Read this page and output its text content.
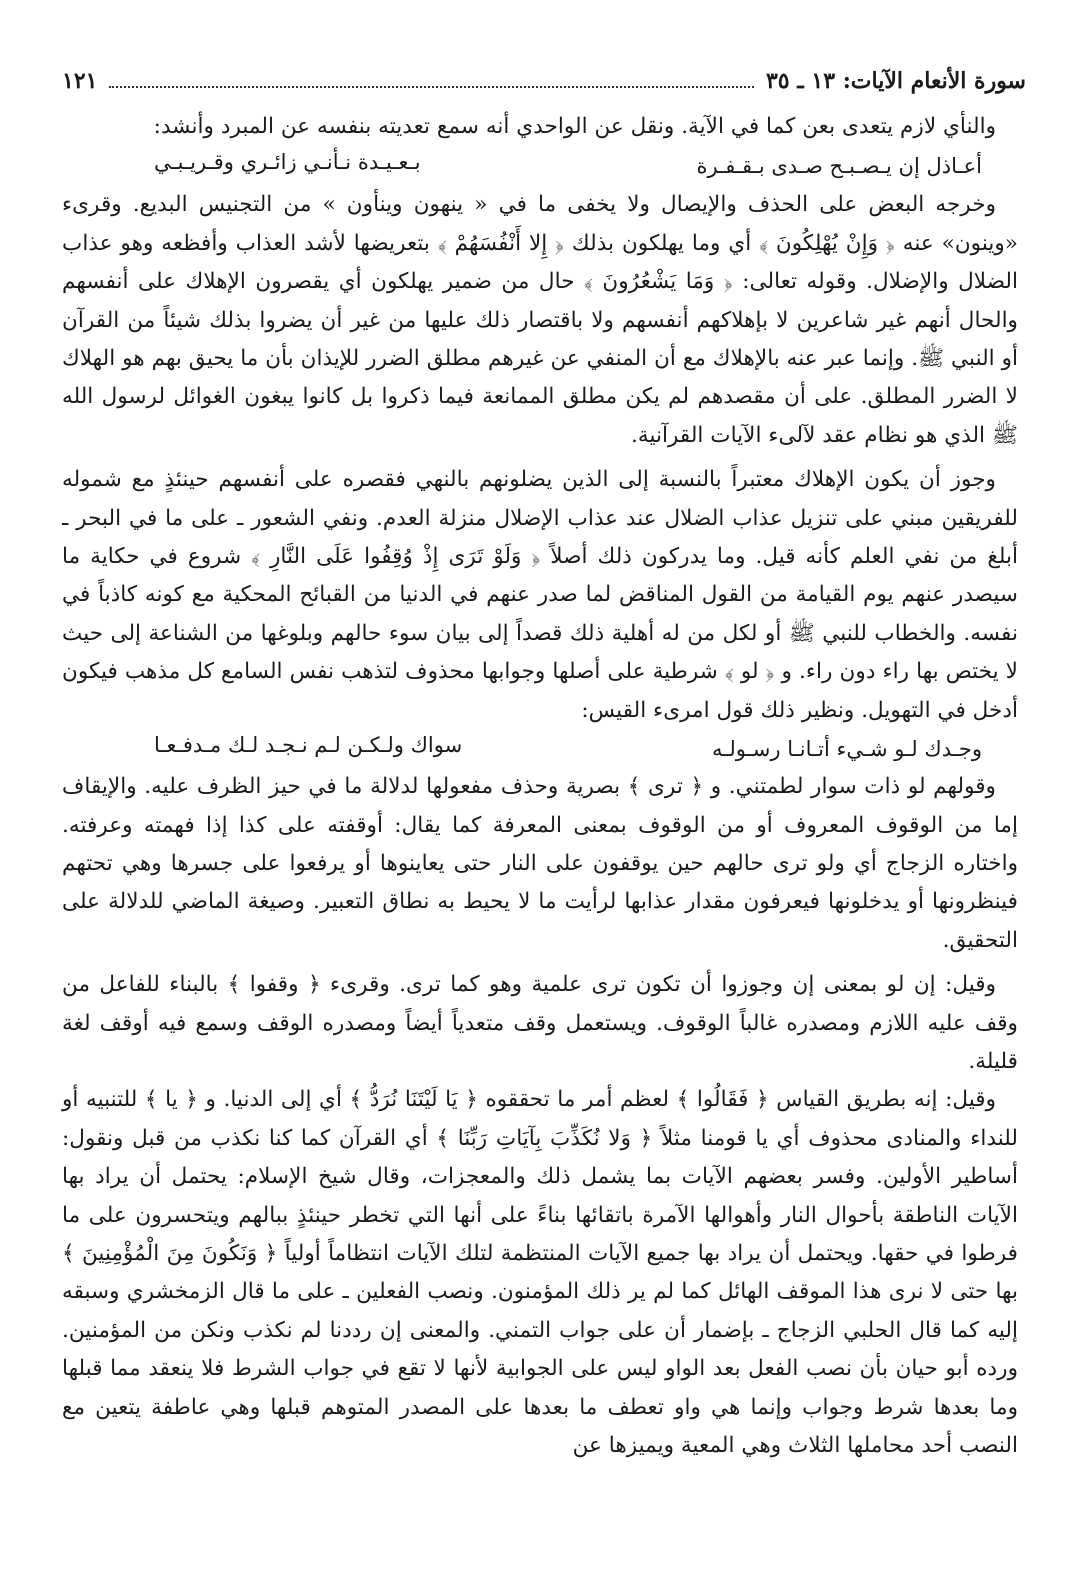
سورة الأنعام الآيات: ١٣ ـ ٣٥
١٢١

والنأي لازم يتعدى بعن كما في الآية. ونقل عن الواحدي أنه سمع تعديته بنفسه عن المبرد وأنشد:

أعـاذل إن يـصـبـح صـدى بـقـفـرة
بـعـيـدة نـأنـي زائـري وقـريـبـي

وخرجه البعض على الحذف والإيصال ولا يخفى ما في « ينهون وينأون » من التجنيس البديع. وقرىء «وينون» عنه ﴿ وَإِنْ يُهْلِكُونَ ﴾ أي وما يهلكون بذلك ﴿ إِلا أَنْفُسَهُمْ ﴾ بتعريضها لأشد العذاب وأفظعه وهو عذاب الضلال والإضلال. وقوله تعالى: ﴿ وَمَا يَشْعُرُونَ ﴾ حال من ضمير يهلكون أي يقصرون الإهلاك على أنفسهم والحال أنهم غير شاعرين لا بإهلاكهم أنفسهم ولا باقتصار ذلك عليها من غير أن يضروا بذلك شيئاً من القرآن أو النبي ﷺ. وإنما عبر عنه بالإهلاك مع أن المنفي عن غيرهم مطلق الضرر للإيذان بأن ما يحيق بهم هو الهلاك لا الضرر المطلق. على أن مقصدهم لم يكن مطلق الممانعة فيما ذكروا بل كانوا يبغون الغوائل لرسول الله ﷺ الذي هو نظام عقد لآلىء الآيات القرآنية.

وجوز أن يكون الإهلاك معتبراً بالنسبة إلى الذين يضلونهم بالنهي فقصره على أنفسهم حينئذٍ مع شموله للفريقين مبني على تنزيل عذاب الضلال عند عذاب الإضلال منزلة العدم. ونفي الشعور ـ على ما في البحر ـ أبلغ من نفي العلم كأنه قيل. وما يدركون ذلك أصلاً ﴿ وَلَوْ تَرَى إِذْ وُقِفُوا عَلَى النَّارِ ﴾ شروع في حكاية ما سيصدر عنهم يوم القيامة من القول المناقض لما صدر عنهم في الدنيا من القبائح المحكية مع كونه كاذباً في نفسه. والخطاب للنبي ﷺ أو لكل من له أهلية ذلك قصداً إلى بيان سوء حالهم وبلوغها من الشناعة إلى حيث لا يختص بها راء دون راء. و ﴿ لو ﴾ شرطية على أصلها وجوابها محذوف لتذهب نفس السامع كل مذهب فيكون أدخل في التهويل. ونظير ذلك قول امرىء القيس:

وجـدك لـو شـيء أتـانـا رسـولـه
سواك ولـكـن لـم نـجـد لـك مـدفـعـا

وقولهم لو ذات سوار لطمتني. و ﴿ ترى ﴾ بصرية وحذف مفعولها لدلالة ما في حيز الظرف عليه. والإيقاف إما من الوقوف المعروف أو من الوقوف بمعنى المعرفة كما يقال: أوقفته على كذا إذا فهمته وعرفته. واختاره الزجاج أي ولو ترى حالهم حين يوقفون على النار حتى يعاينوها أو يرفعوا على جسرها وهي تحتهم فينظرونها أو يدخلونها فيعرفون مقدار عذابها لرأيت ما لا يحيط به نطاق التعبير. وصيغة الماضي للدلالة على التحقيق.

وقيل: إن لو بمعنى إن وجوزوا أن تكون ترى علمية وهو كما ترى. وقرىء ﴿ وقفوا ﴾ بالبناء للفاعل من وقف عليه اللازم ومصدره غالباً الوقوف. ويستعمل وقف متعدياً أيضاً ومصدره الوقف وسمع فيه أوقف لغة قليلة.

وقيل: إنه بطريق القياس ﴿ فَقَالُوا ﴾ لعظم أمر ما تحققوه ﴿ يَا لَيْتَنَا نُرَدُّ ﴾ أي إلى الدنيا. و ﴿ يا ﴾ للتنبيه أو للنداء والمنادى محذوف أي يا قومنا مثلاً ﴿ وَلا نُكَذِّبَ بِآيَاتِ رَبِّنَا ﴾ أي القرآن كما كنا نكذب من قبل ونقول: أساطير الأولين. وفسر بعضهم الآيات بما يشمل ذلك والمعجزات، وقال شيخ الإسلام: يحتمل أن يراد بها الآيات الناطقة بأحوال النار وأهوالها الآمرة باتقائها بناءً على أنها التي تخطر حينئذٍ ببالهم ويتحسرون على ما فرطوا في حقها. ويحتمل أن يراد بها جميع الآيات المنتظمة لتلك الآيات انتظاماً أولياً ﴿ وَنَكُونَ مِنَ الْمُؤْمِنِينَ ﴾ بها حتى لا نرى هذا الموقف الهائل كما لم ير ذلك المؤمنون. ونصب الفعلين ـ على ما قال الزمخشري وسبقه إليه كما قال الحلبي الزجاج ـ بإضمار أن على جواب التمني. والمعنى إن رددنا لم نكذب ونكن من المؤمنين. ورده أبو حيان بأن نصب الفعل بعد الواو ليس على الجوابية لأنها لا تقع في جواب الشرط فلا ينعقد مما قبلها وما بعدها شرط وجواب وإنما هي واو تعطف ما بعدها على المصدر المتوهم قبلها وهي عاطفة يتعين مع النصب أحد محاملها الثلاث وهي المعية ويميزها عن
